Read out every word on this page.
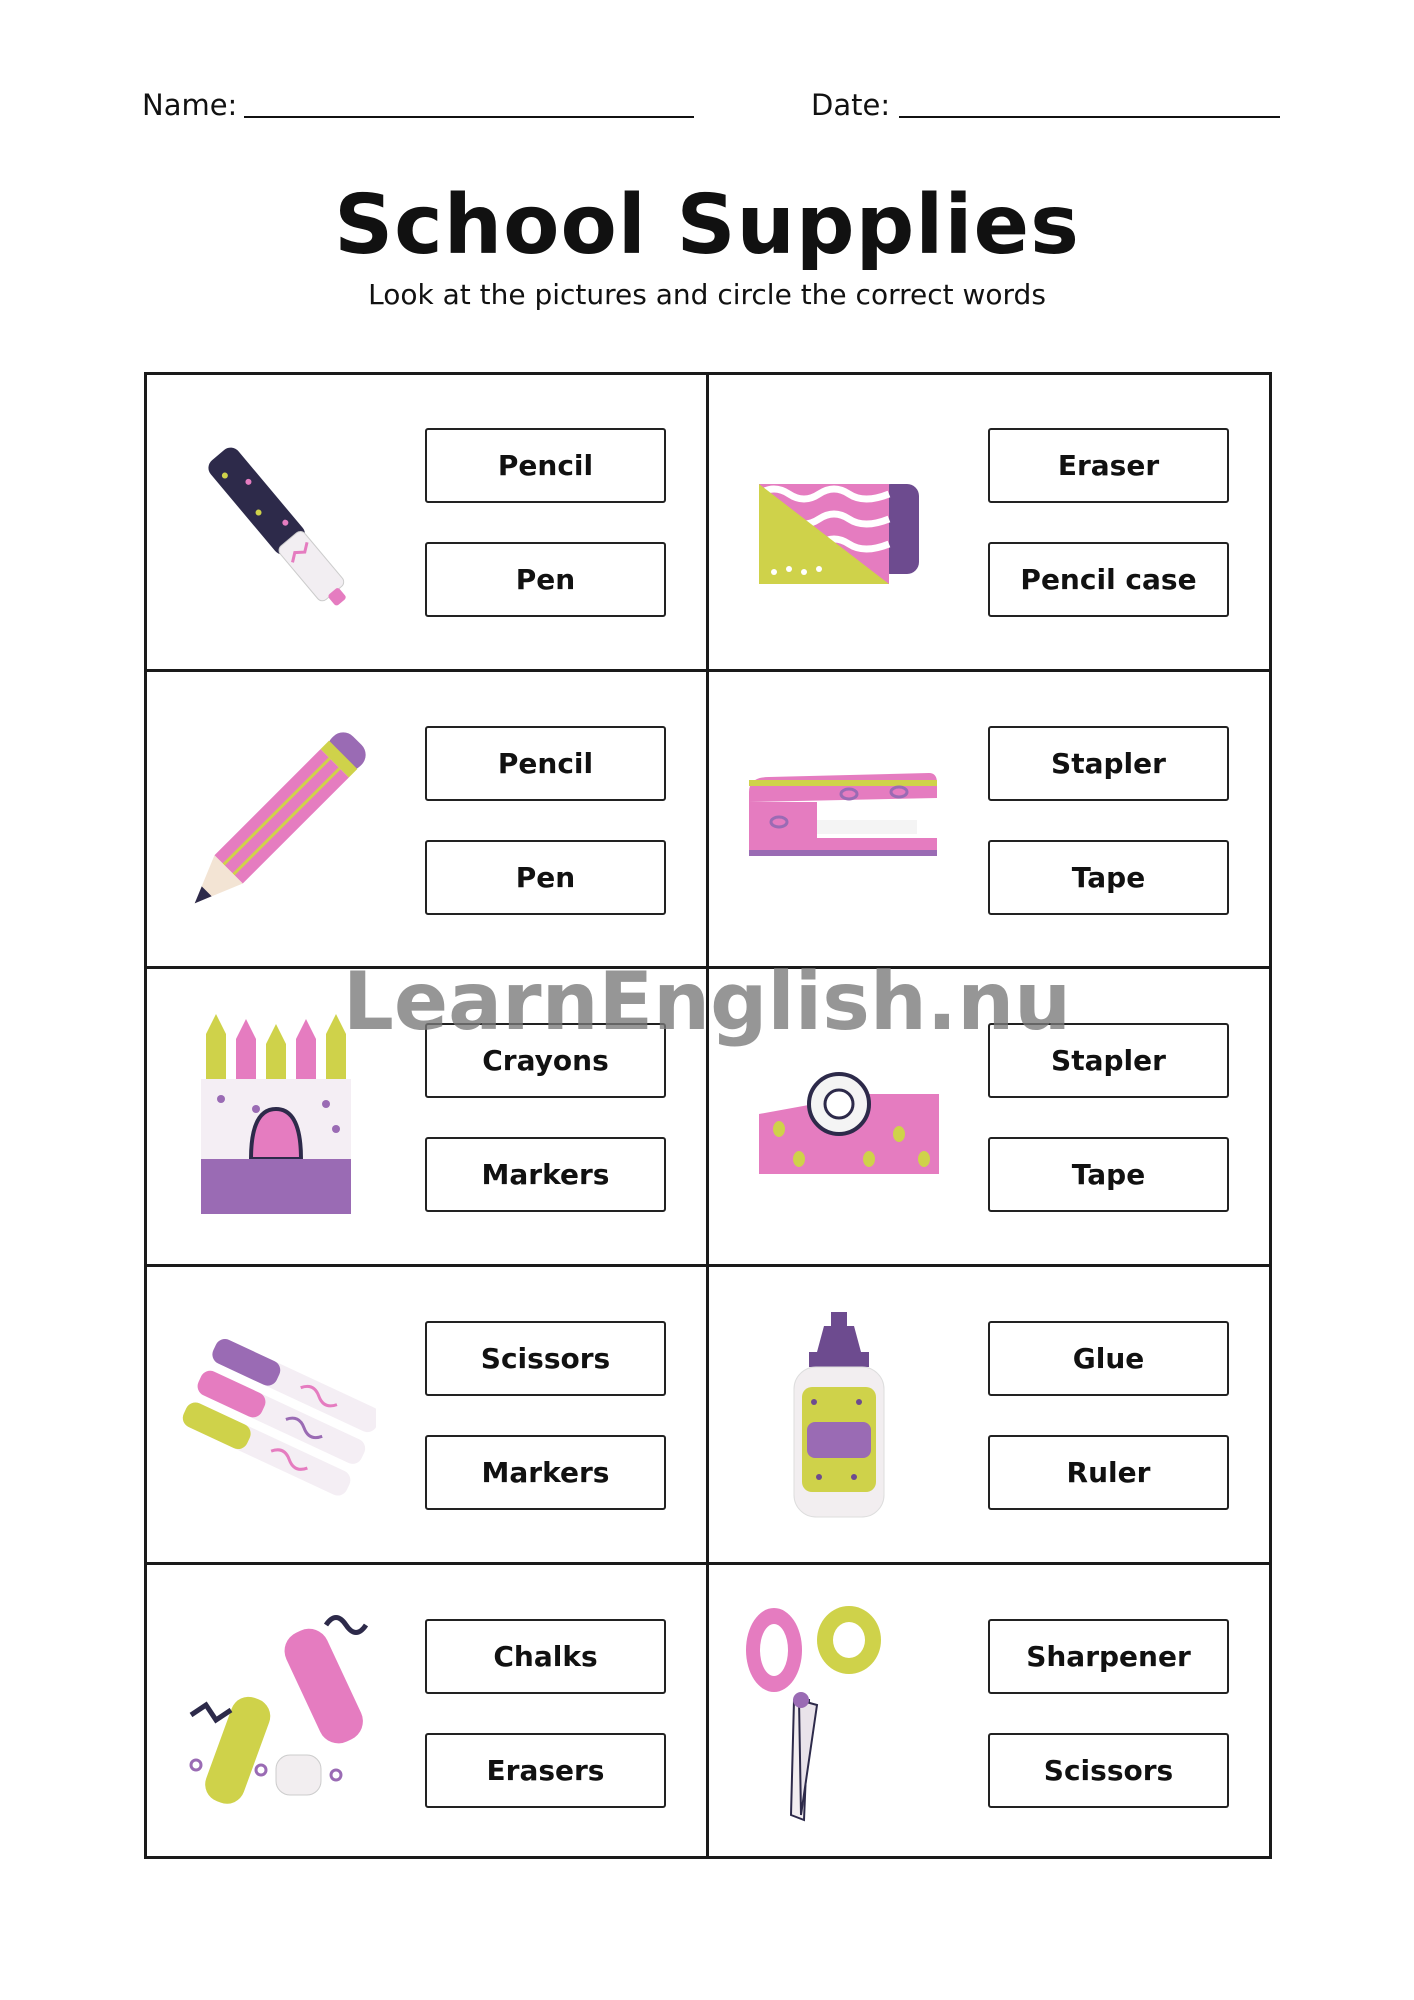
Name:	Date:
School Supplies
Look at the pictures and circle the correct words
Pencil
Pen
Eraser
Pencil case
Pencil
Pen
Stapler
Tape
Crayons
Markers
Stapler
Tape
Scissors
Markers
Glue
Ruler
Chalks
Erasers
Sharpener
Scissors
LearnEnglish.nu
